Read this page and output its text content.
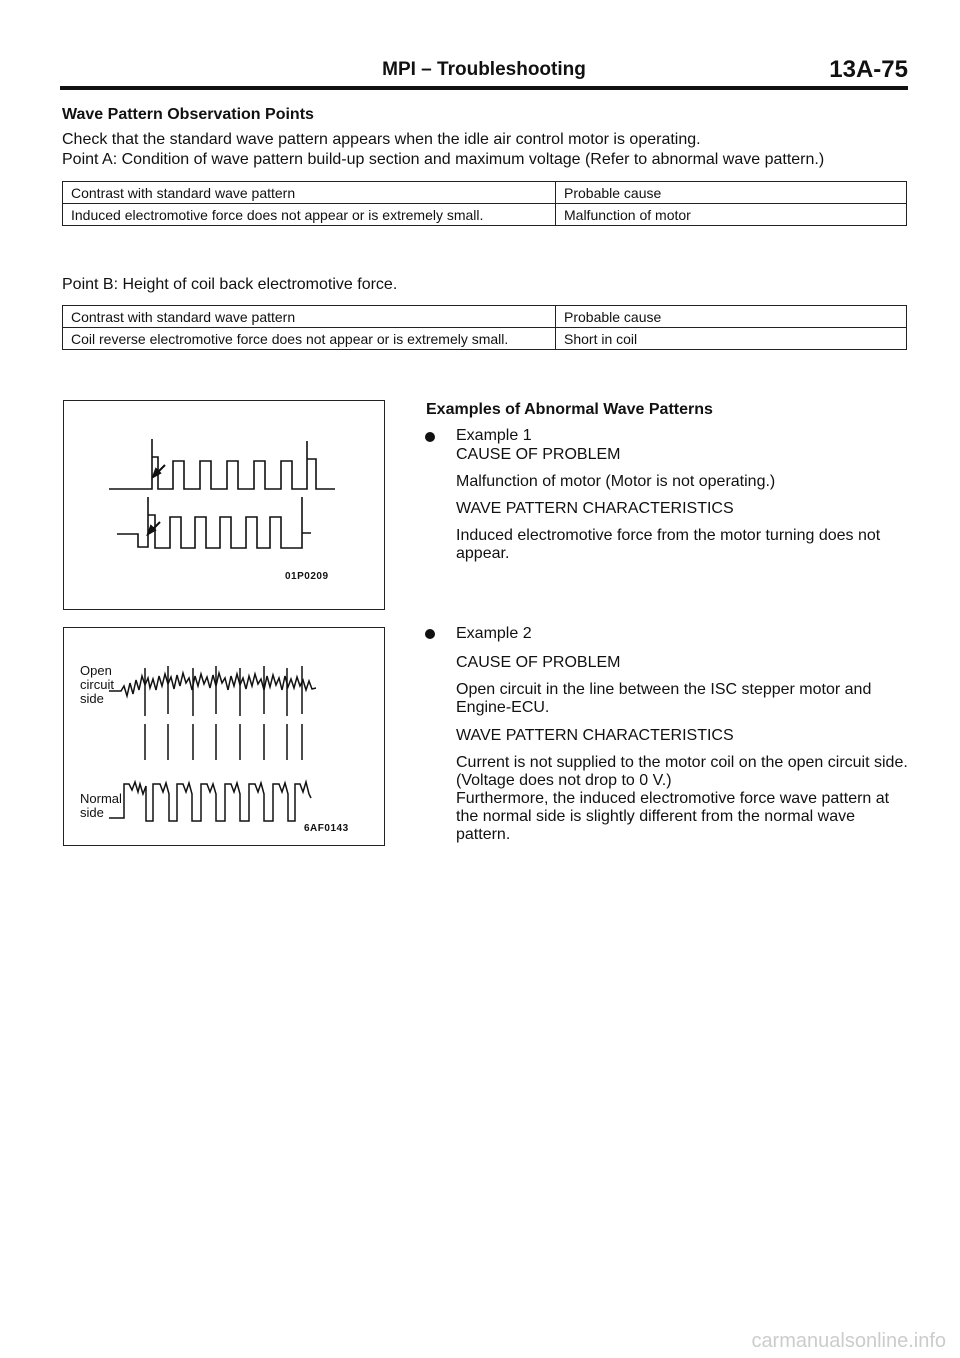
MPI – Troubleshooting	13A-75
Wave Pattern Observation Points
Check that the standard wave pattern appears when the idle air control motor is operating.
Point A: Condition of wave pattern build-up section and maximum voltage (Refer to abnormal wave pattern.)
Contrast with standard wave pattern	Probable cause
Induced electromotive force does not appear or is extremely small.	Malfunction of motor
Point B: Height of coil back electromotive force.
Contrast with standard wave pattern	Probable cause
Coil reverse electromotive force does not appear or is extremely small.	Short in coil
01P0209
Open circuit side
Normal side
6AF0143
Examples of Abnormal Wave Patterns
Example 1
CAUSE OF PROBLEM
Malfunction of motor (Motor is not operating.)
WAVE PATTERN CHARACTERISTICS
Induced electromotive force from the motor turning does not appear.
Example 2
CAUSE OF PROBLEM
Open circuit in the line between the ISC stepper motor and Engine-ECU.
WAVE PATTERN CHARACTERISTICS
Current is not supplied to the motor coil on the open circuit side. (Voltage does not drop to 0 V.)
Furthermore, the induced electromotive force wave pattern at the normal side is slightly different from the normal wave pattern.
carmanualsonline.info
